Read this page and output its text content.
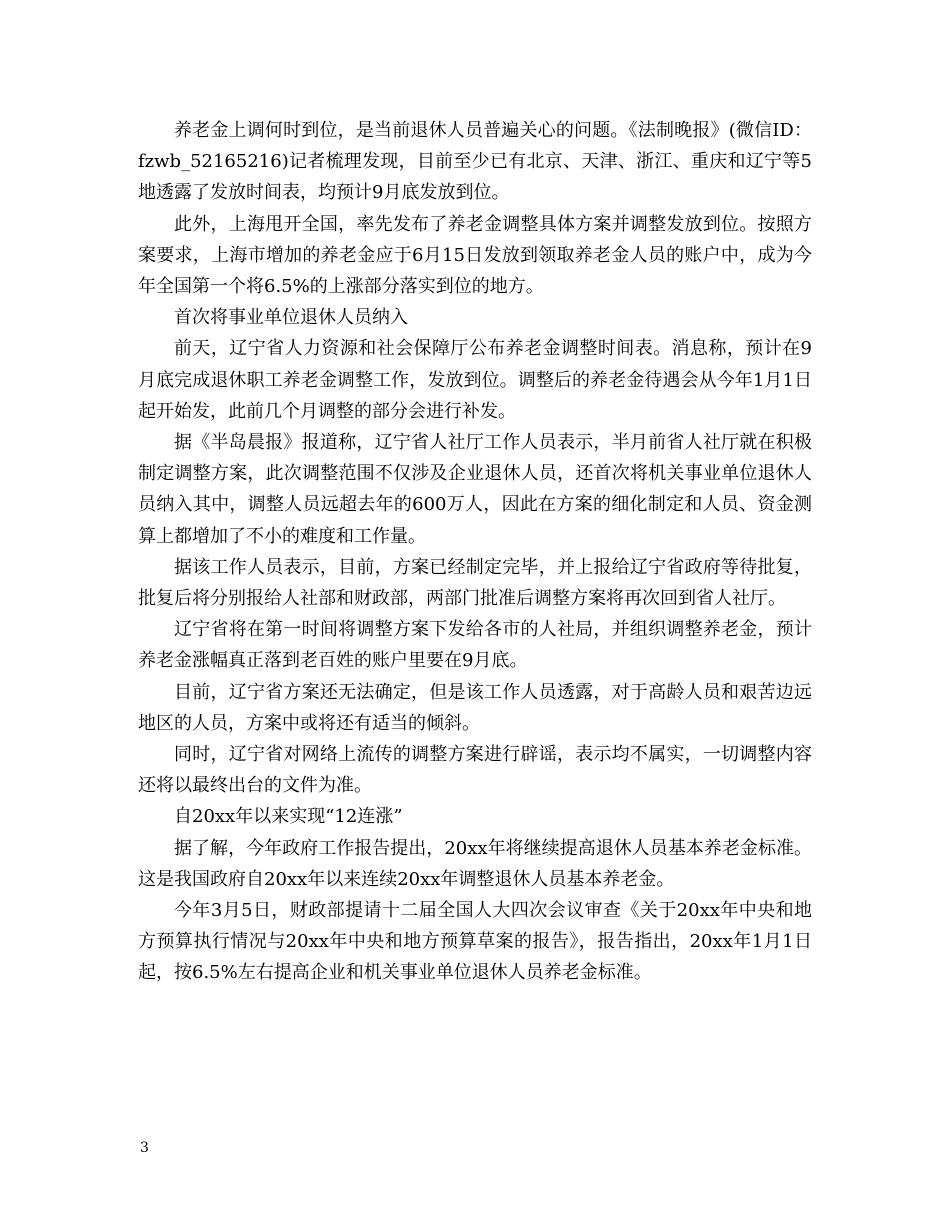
养老金上调何时到位，是当前退休人员普遍关心的问题。《法制晚报》(微信ID：fzwb_52165216)记者梳理发现，目前至少已有北京、天津、浙江、重庆和辽宁等5地透露了发放时间表，均预计9月底发放到位。

此外，上海甩开全国，率先发布了养老金调整具体方案并调整发放到位。按照方案要求，上海市增加的养老金应于6月15日发放到领取养老金人员的账户中，成为今年全国第一个将6.5%的上涨部分落实到位的地方。

首次将事业单位退休人员纳入

前天，辽宁省人力资源和社会保障厅公布养老金调整时间表。消息称，预计在9月底完成退休职工养老金调整工作，发放到位。调整后的养老金待遇会从今年1月1日起开始发，此前几个月调整的部分会进行补发。

据《半岛晨报》报道称，辽宁省人社厅工作人员表示，半月前省人社厅就在积极制定调整方案，此次调整范围不仅涉及企业退休人员，还首次将机关事业单位退休人员纳入其中，调整人员远超去年的600万人，因此在方案的细化制定和人员、资金测算上都增加了不小的难度和工作量。

据该工作人员表示，目前，方案已经制定完毕，并上报给辽宁省政府等待批复，批复后将分别报给人社部和财政部，两部门批准后调整方案将再次回到省人社厅。

辽宁省将在第一时间将调整方案下发给各市的人社局，并组织调整养老金，预计养老金涨幅真正落到老百姓的账户里要在9月底。

目前，辽宁省方案还无法确定，但是该工作人员透露，对于高龄人员和艰苦边远地区的人员，方案中或将还有适当的倾斜。

同时，辽宁省对网络上流传的调整方案进行辟谣，表示均不属实，一切调整内容还将以最终出台的文件为准。

自20xx年以来实现“12连涨”

据了解，今年政府工作报告提出，20xx年将继续提高退休人员基本养老金标准。这是我国政府自20xx年以来连续20xx年调整退休人员基本养老金。

今年3月5日，财政部提请十二届全国人大四次会议审查《关于20xx年中央和地方预算执行情况与20xx年中央和地方预算草案的报告》，报告指出，20xx年1月1日起，按6.5%左右提高企业和机关事业单位退休人员养老金标准。

3
